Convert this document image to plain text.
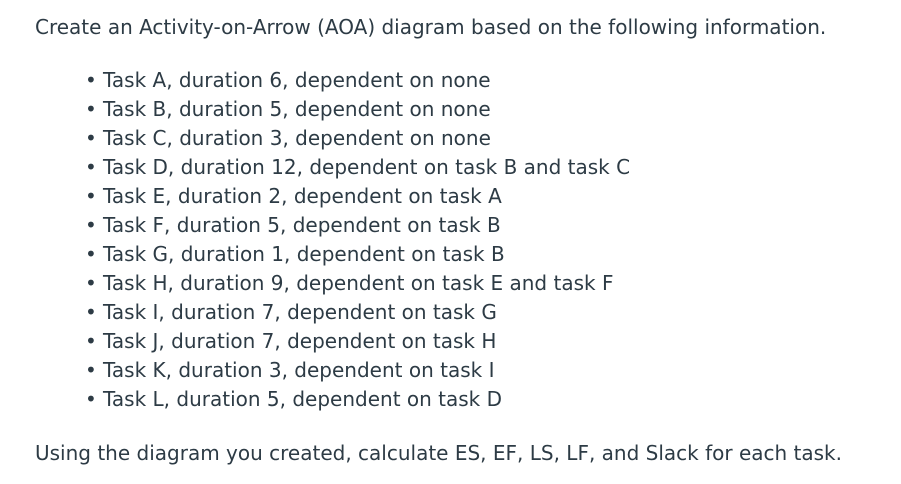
Create an Activity-on-Arrow (AOA) diagram based on the following information.

• Task A, duration 6, dependent on none
• Task B, duration 5, dependent on none
• Task C, duration 3, dependent on none
• Task D, duration 12, dependent on task B and task C
• Task E, duration 2, dependent on task A
• Task F, duration 5, dependent on task B
• Task G, duration 1, dependent on task B
• Task H, duration 9, dependent on task E and task F
• Task I, duration 7, dependent on task G
• Task J, duration 7, dependent on task H
• Task K, duration 3, dependent on task I
• Task L, duration 5, dependent on task D

Using the diagram you created, calculate ES, EF, LS, LF, and Slack for each task.
